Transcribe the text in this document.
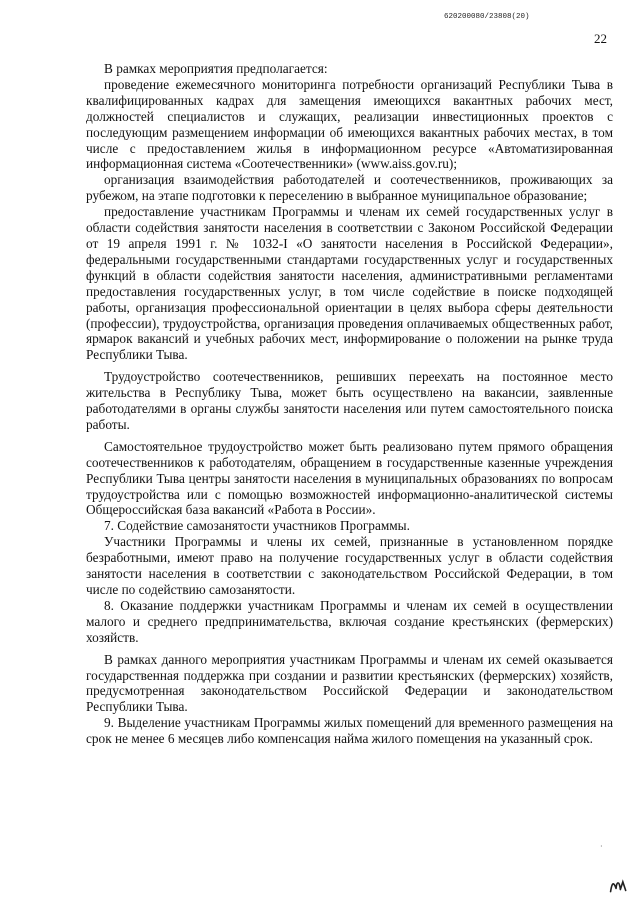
620200080/23808(20)
22

В рамках мероприятия предполагается:

проведение ежемесячного мониторинга потребности организаций Республики Тыва в квалифицированных кадрах для замещения имеющихся вакантных рабочих мест, должностей специалистов и служащих, реализации инвестиционных проектов с последующим размещением информации об имеющихся вакантных рабочих местах, в том числе с предоставлением жилья в информационном ресурсе «Автоматизированная информационная система «Соотечественники» (www.aiss.gov.ru);

организация взаимодействия работодателей и соотечественников, проживающих за рубежом, на этапе подготовки к переселению в выбранное муниципальное образование;

предоставление участникам Программы и членам их семей государственных услуг в области содействия занятости населения в соответствии с Законом Российской Федерации от 19 апреля 1991 г. № 1032-I «О занятости населения в Российской Федерации», федеральными государственными стандартами государственных услуг и государственных функций в области содействия занятости населения, административными регламентами предоставления государственных услуг, в том числе содействие в поиске подходящей работы, организация профессиональной ориентации в целях выбора сферы деятельности (профессии), трудоустройства, организация проведения оплачиваемых общественных работ, ярмарок вакансий и учебных рабочих мест, информирование о положении на рынке труда Республики Тыва.

Трудоустройство соотечественников, решивших переехать на постоянное место жительства в Республику Тыва, может быть осуществлено на вакансии, заявленные работодателями в органы службы занятости населения или путем самостоятельного поиска работы.

Самостоятельное трудоустройство может быть реализовано путем прямого обращения соотечественников к работодателям, обращением в государственные казенные учреждения Республики Тыва центры занятости населения в муниципальных образованиях по вопросам трудоустройства или с помощью возможностей информационно-аналитической системы Общероссийская база вакансий «Работа в России».

7. Содействие самозанятости участников Программы.

Участники Программы и члены их семей, признанные в установленном порядке безработными, имеют право на получение государственных услуг в области содействия занятости населения в соответствии с законодательством Российской Федерации, в том числе по содействию самозанятости.

8. Оказание поддержки участникам Программы и членам их семей в осуществлении малого и среднего предпринимательства, включая создание крестьянских (фермерских) хозяйств.

В рамках данного мероприятия участникам Программы и членам их семей оказывается государственная поддержка при создании и развитии крестьянских (фермерских) хозяйств, предусмотренная законодательством Российской Федерации и законодательством Республики Тыва.

9. Выделение участникам Программы жилых помещений для временного размещения на срок не менее 6 месяцев либо компенсация найма жилого помещения на указанный срок.

·
